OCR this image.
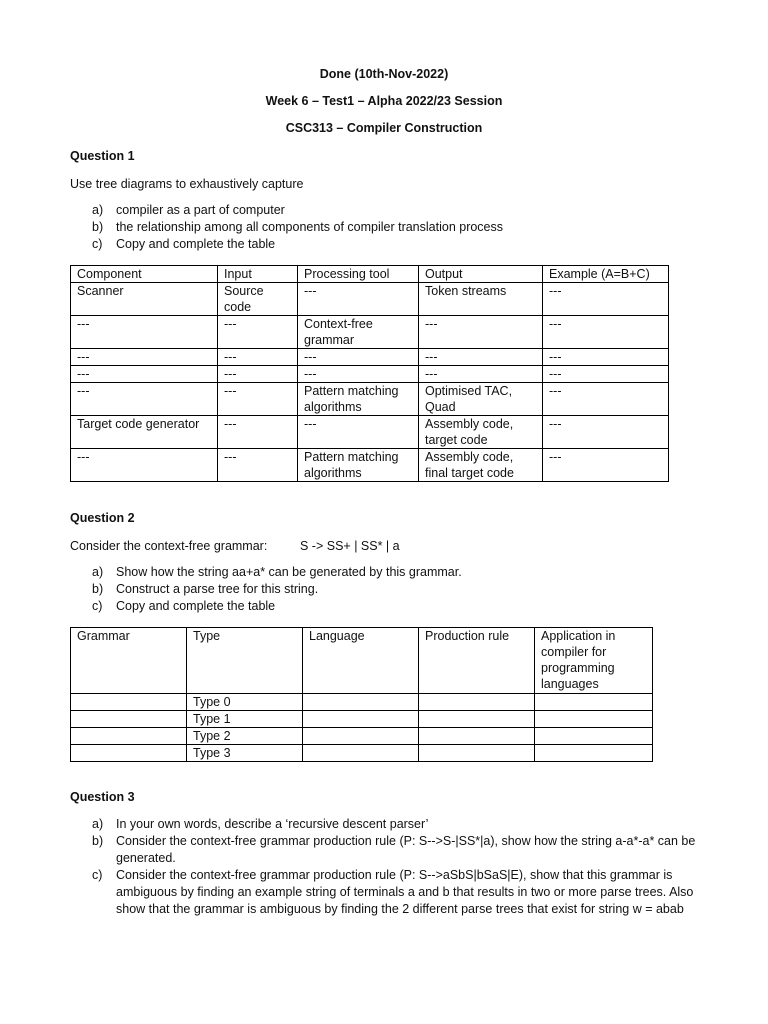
Done (10th-Nov-2022)
Week 6 – Test1 – Alpha 2022/23 Session
CSC313 – Compiler Construction
Question 1
Use tree diagrams to exhaustively capture
a)	compiler as a part of computer
b)	the relationship among all components of compiler translation process
c)	Copy and complete the table
Component	Input	Processing tool	Output	Example (A=B+C)
Scanner	Source code	---	Token streams	---
---	---	Context-free grammar	---	---
---	---	---	---	---
---	---	---	---	---
---	---	Pattern matching algorithms	Optimised TAC, Quad	---
Target code generator	---	---	Assembly code, target code	---
---	---	Pattern matching algorithms	Assembly code, final target code	---
Question 2
Consider the context-free grammar:	S -> SS+ | SS* | a
a)	Show how the string aa+a* can be generated by this grammar.
b)	Construct a parse tree for this string.
c)	Copy and complete the table
Grammar	Type	Language	Production rule	Application in compiler for programming languages
	Type 0			
	Type 1			
	Type 2			
	Type 3			
Question 3
a)	In your own words, describe a ‘recursive descent parser’
b)	Consider the context-free grammar production rule (P: S-->S-|SS*|a), show how the string a-a*-a* can be generated.
c)	Consider the context-free grammar production rule (P: S-->aSbS|bSaS|E), show that this grammar is ambiguous by finding an example string of terminals a and b that results in two or more parse trees. Also show that the grammar is ambiguous by finding the 2 different parse trees that exist for string w = abab
